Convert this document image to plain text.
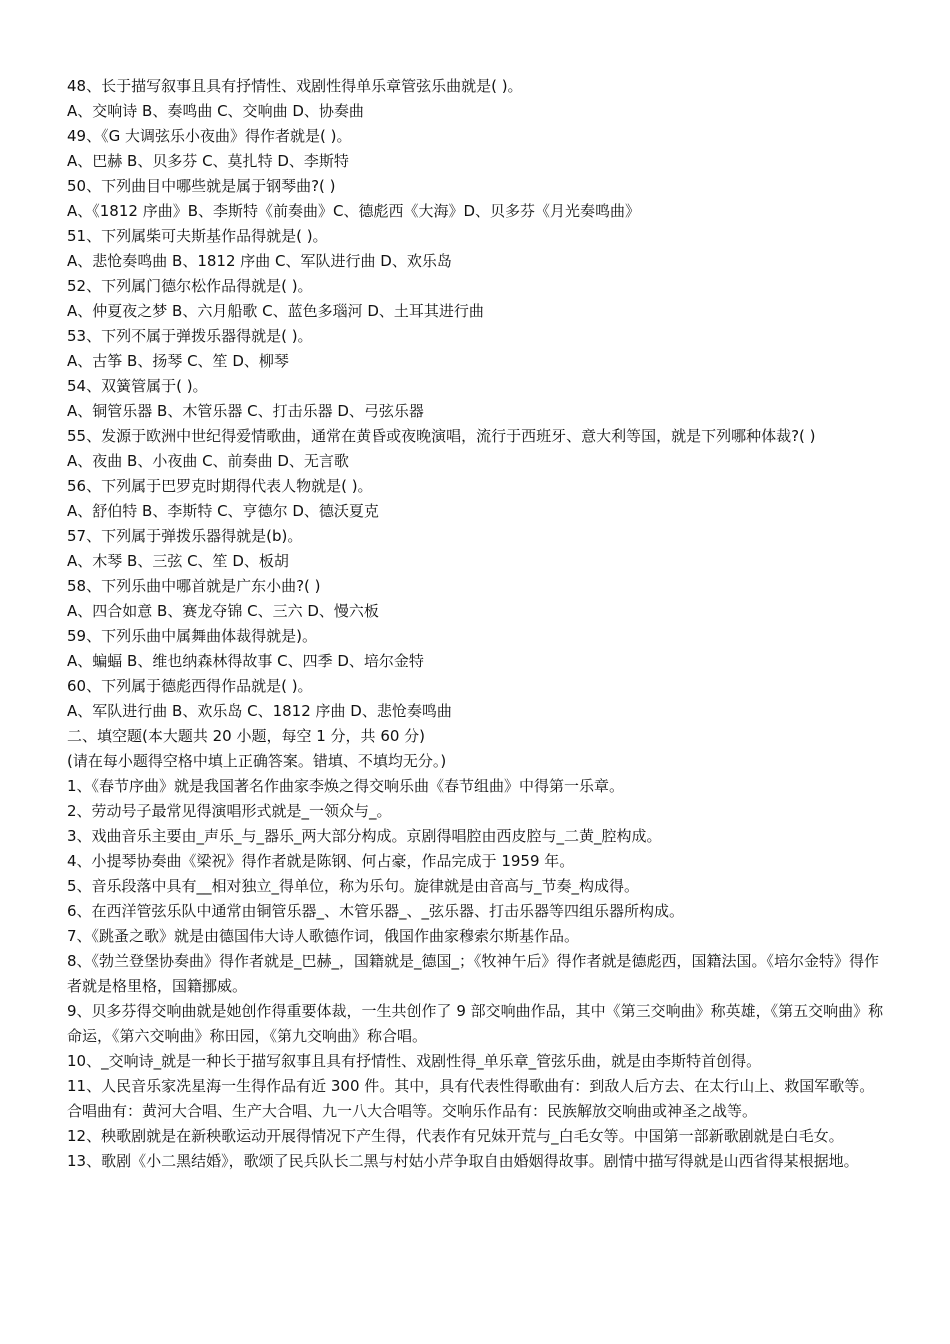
48、长于描写叙事且具有抒情性、戏剧性得单乐章管弦乐曲就是( )。

A、交响诗 B、奏鸣曲 C、交响曲 D、协奏曲

49、《G 大调弦乐小夜曲》得作者就是( )。

A、巴赫 B、贝多芬 C、莫扎特 D、李斯特

50、下列曲目中哪些就是属于钢琴曲?( )

A、《1812 序曲》B、李斯特《前奏曲》C、德彪西《大海》D、贝多芬《月光奏鸣曲》

51、下列属柴可夫斯基作品得就是( )。

A、悲怆奏鸣曲 B、1812 序曲 C、军队进行曲 D、欢乐岛

52、下列属门德尔松作品得就是( )。

A、仲夏夜之梦 B、六月船歌 C、蓝色多瑙河 D、土耳其进行曲

53、下列不属于弹拨乐器得就是( )。

A、古筝 B、扬琴 C、笙 D、柳琴

54、双簧管属于( )。

A、铜管乐器 B、木管乐器 C、打击乐器 D、弓弦乐器

55、发源于欧洲中世纪得爱情歌曲，通常在黄昏或夜晚演唱，流行于西班牙、意大利等国，就是下列哪种体裁?( )

A、夜曲 B、小夜曲 C、前奏曲 D、无言歌

56、下列属于巴罗克时期得代表人物就是( )。

A、舒伯特 B、李斯特 C、亨德尔 D、德沃夏克

57、下列属于弹拨乐器得就是(b)。

A、木琴 B、三弦 C、笙 D、板胡

58、下列乐曲中哪首就是广东小曲?( )

A、四合如意 B、赛龙夺锦 C、三六 D、慢六板

59、下列乐曲中属舞曲体裁得就是)。

A、蝙蝠 B、维也纳森林得故事 C、四季 D、培尔金特

60、下列属于德彪西得作品就是( )。

A、军队进行曲 B、欢乐岛 C、1812 序曲 D、悲怆奏鸣曲

二、填空题(本大题共 20 小题，每空 1 分，共 60 分)

(请在每小题得空格中填上正确答案。错填、不填均无分。)

1、《春节序曲》就是我国著名作曲家李焕之得交响乐曲《春节组曲》中得第一乐章。

2、劳动号子最常见得演唱形式就是_一领众与_。

3、戏曲音乐主要由_声乐_与_器乐_两大部分构成。京剧得唱腔由西皮腔与_二黄_腔构成。

4、小提琴协奏曲《梁祝》得作者就是陈钢、何占豪，作品完成于 1959 年。

5、音乐段落中具有__相对独立_得单位，称为乐句。旋律就是由音高与_节奏_构成得。

6、在西洋管弦乐队中通常由铜管乐器_、木管乐器_、_弦乐器、打击乐器等四组乐器所构成。

7、《跳蚤之歌》就是由德国伟大诗人歌德作词，俄国作曲家穆索尔斯基作品。

8、《勃兰登堡协奏曲》得作者就是_巴赫_，国籍就是_德国_；《牧神午后》得作者就是德彪西，国籍法国。《培尔金特》得作者就是格里格，国籍挪威。

9、贝多芬得交响曲就是她创作得重要体裁，一生共创作了 9 部交响曲作品，其中《第三交响曲》称英雄，《第五交响曲》称命运，《第六交响曲》称田园，《第九交响曲》称合唱。

10、_交响诗_就是一种长于描写叙事且具有抒情性、戏剧性得_单乐章_管弦乐曲，就是由李斯特首创得。

11、人民音乐家冼星海一生得作品有近 300 件。其中，具有代表性得歌曲有：到敌人后方去、在太行山上、救国军歌等。合唱曲有：黄河大合唱、生产大合唱、九一八大合唱等。交响乐作品有：民族解放交响曲或神圣之战等。

12、秧歌剧就是在新秧歌运动开展得情况下产生得，代表作有兄妹开荒与_白毛女等。中国第一部新歌剧就是白毛女。

13、歌剧《小二黑结婚》，歌颂了民兵队长二黑与村姑小芹争取自由婚姻得故事。剧情中描写得就是山西省得某根据地。
